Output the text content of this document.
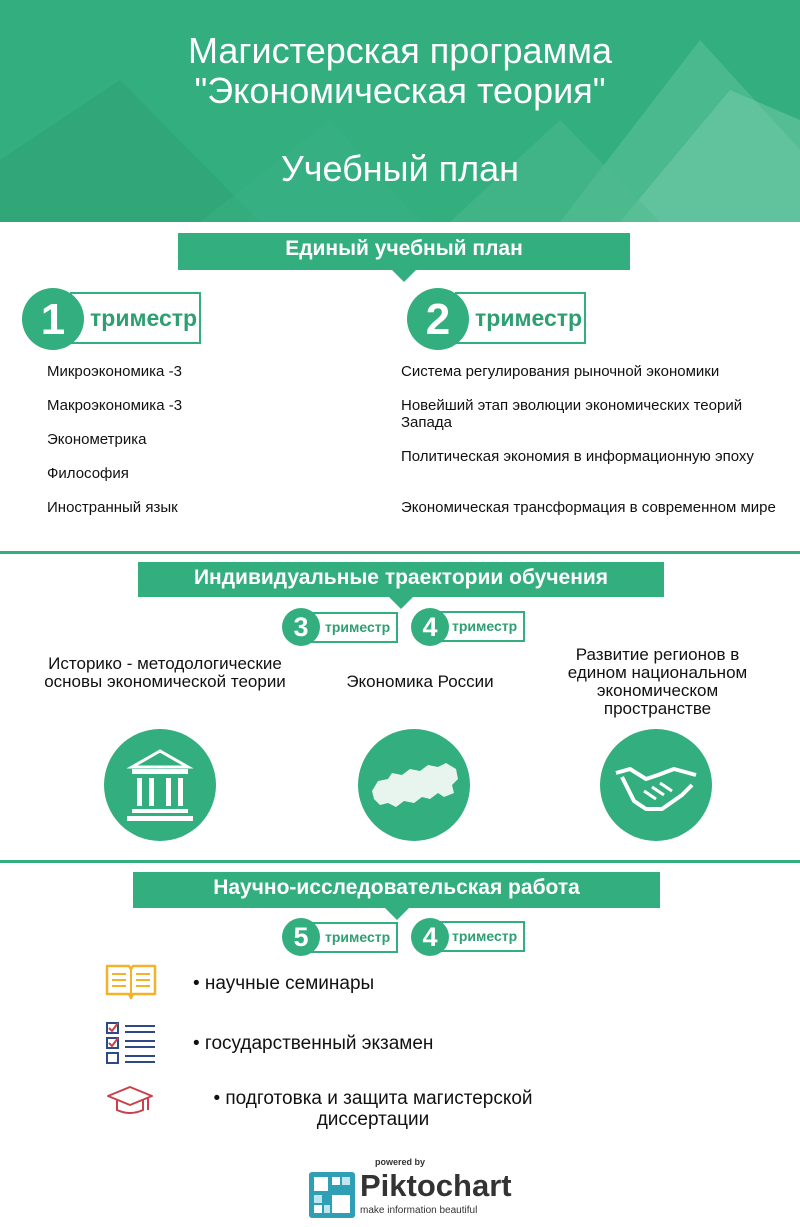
Магистерская программа
"Экономическая теория"
Учебный план
Единый учебный план
триместр
1	триместр
2
Микроэкономика -3
Макроэкономика -3
Эконометрика
Философия
Иностранный язык
Система регулирования рыночной экономики
Новейший этап эволюции экономических теорий Запада
Политическая экономия в информационную эпоху
Экономическая трансформация в современном мире
Индивидуальные траектории обучения
триместр
3	триместр
4
Историко - методологические основы экономической теории	Экономика России
Развитие регионов в едином национальном экономическом пространстве
Научно-исследовательская работа
триместр
5	триместр
4
• научные семинары
• государственный экзамен
• подготовка и защита магистерской диссертации
powered by
Piktochart
make information beautiful
